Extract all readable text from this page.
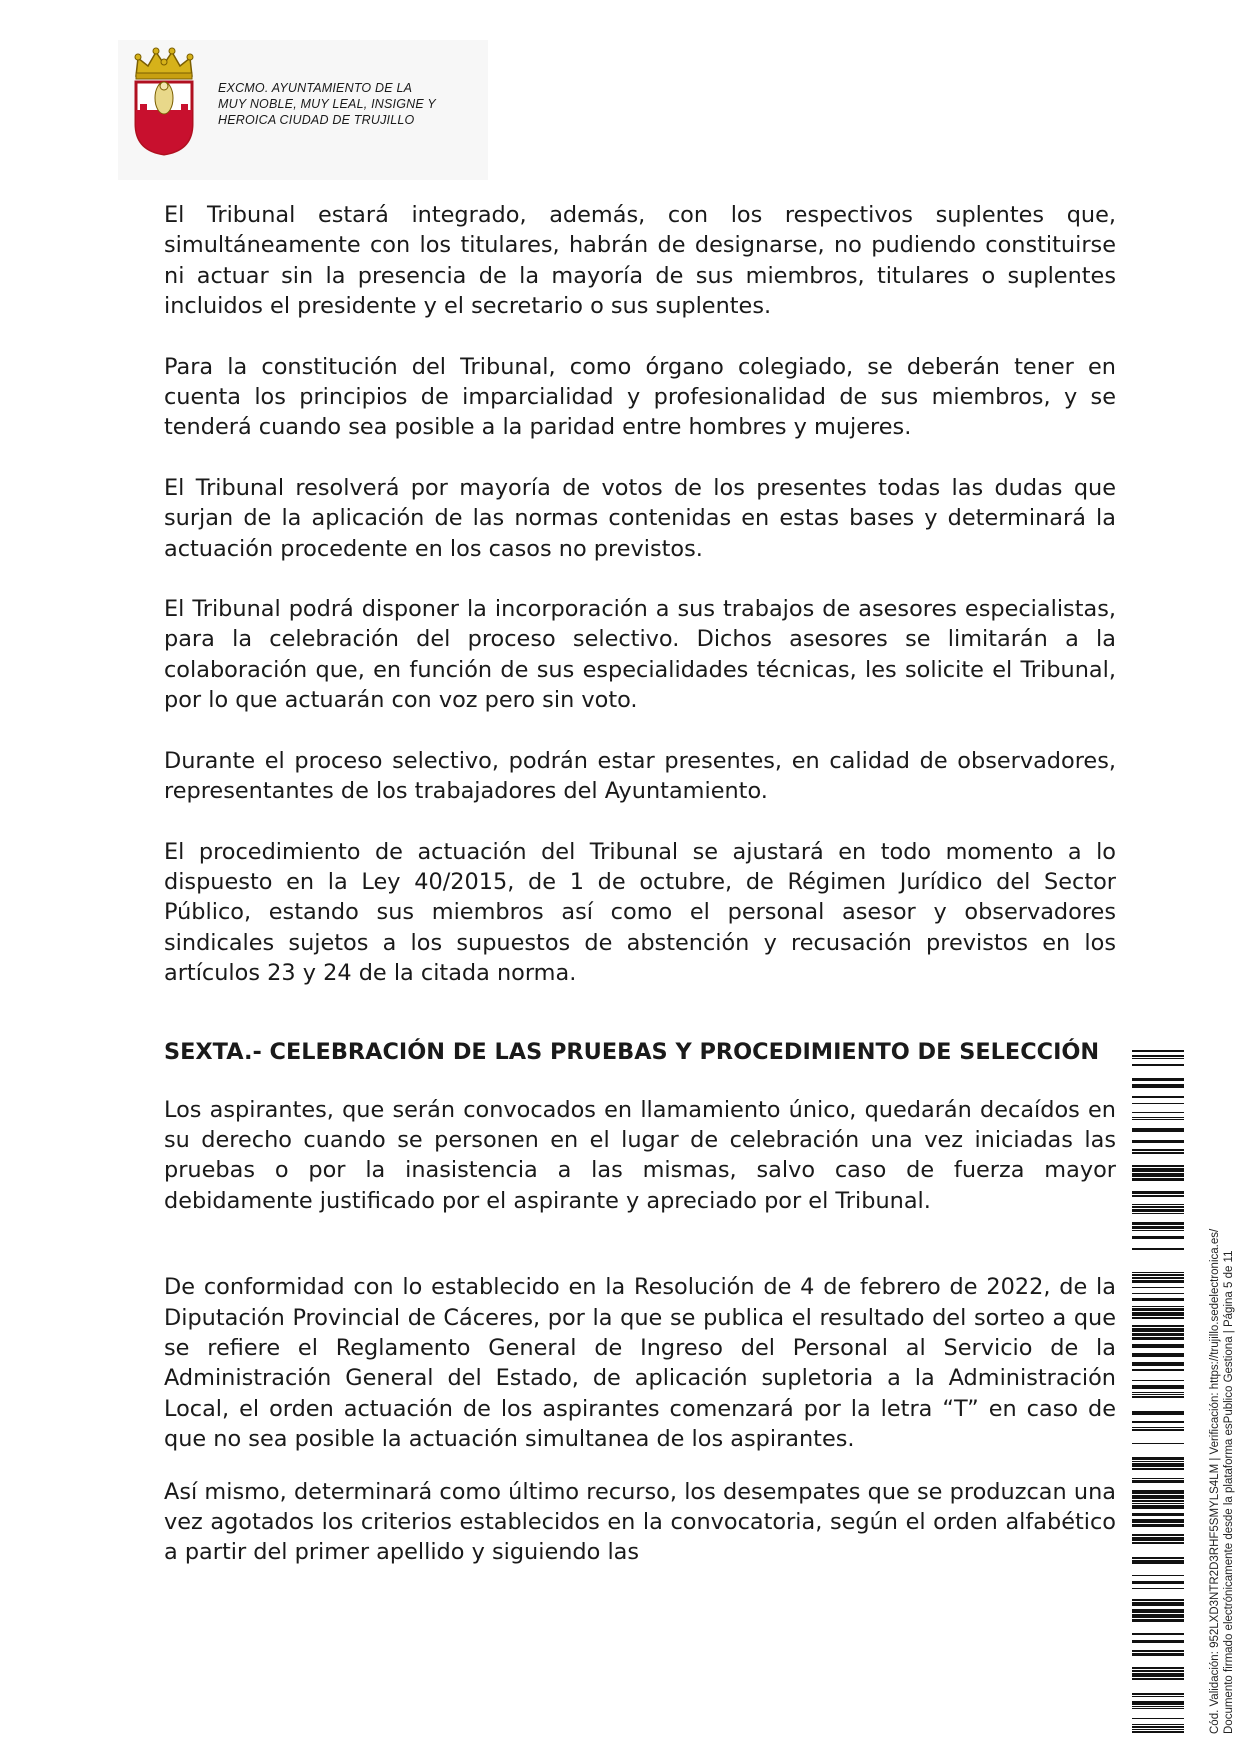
EXCMO. AYUNTAMIENTO DE LA
MUY NOBLE, MUY LEAL, INSIGNE Y
HEROICA CIUDAD DE TRUJILLO

El Tribunal estará integrado, además, con los respectivos suplentes que, simultáneamente con los titulares, habrán de designarse, no pudiendo constituirse ni actuar sin la presencia de la mayoría de sus miembros, titulares o suplentes incluidos el presidente y el secretario o sus suplentes.

Para la constitución del Tribunal, como órgano colegiado, se deberán tener en cuenta los principios de imparcialidad y profesionalidad de sus miembros, y se tenderá cuando sea posible a la paridad entre hombres y mujeres.

El Tribunal resolverá por mayoría de votos de los presentes todas las dudas que surjan de la aplicación de las normas contenidas en estas bases y determinará la actuación procedente en los casos no previstos.

El Tribunal podrá disponer la incorporación a sus trabajos de asesores especialistas, para la celebración del proceso selectivo. Dichos asesores se limitarán a la colaboración que, en función de sus especialidades técnicas, les solicite el Tribunal, por lo que actuarán con voz pero sin voto.

Durante el proceso selectivo, podrán estar presentes, en calidad de observadores, representantes de los trabajadores del Ayuntamiento.

El procedimiento de actuación del Tribunal se ajustará en todo momento a lo dispuesto en la Ley 40/2015, de 1 de octubre, de Régimen Jurídico del Sector Público, estando sus miembros así como el personal asesor y observadores sindicales sujetos a los supuestos de abstención y recusación previstos en los artículos 23 y 24 de la citada norma.

SEXTA.- CELEBRACIÓN DE LAS PRUEBAS Y PROCEDIMIENTO DE SELECCIÓN

Los aspirantes, que serán convocados en llamamiento único, quedarán decaídos en su derecho cuando se personen en el lugar de celebración una vez iniciadas las pruebas o por la inasistencia a las mismas, salvo caso de fuerza mayor debidamente justificado por el aspirante y apreciado por el Tribunal.

De conformidad con lo establecido en la Resolución de 4 de febrero de 2022, de la Diputación Provincial de Cáceres, por la que se publica el resultado del sorteo a que se refiere el Reglamento General de Ingreso del Personal al Servicio de la Administración General del Estado, de aplicación supletoria a la Administración Local, el orden actuación de los aspirantes comenzará por la letra “T” en caso de que no sea posible la actuación simultanea de los aspirantes.

Así mismo, determinará como último recurso, los desempates que se produzcan una vez agotados los criterios establecidos en la convocatoria, según el orden alfabético a partir del primer apellido y siguiendo las	Cód. Validación: 952LXD3NTR2D3RHF5SMYLS4LM | Verificación: https://trujillo.sedelectronica.es/ Documento firmado electrónicamente desde la plataforma esPublico Gestiona | Página 5 de 11
